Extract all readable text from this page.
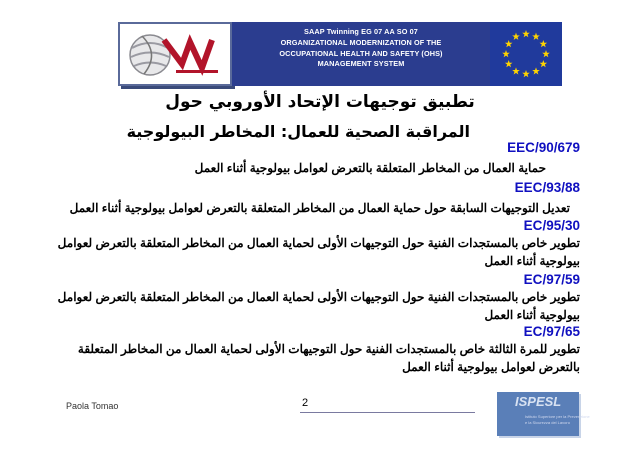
SAAP Twinning EG 07 AA SO 07
ORGANIZATIONAL MODERNIZATION OF THE
OCCUPATIONAL HEALTH AND SAFETY (OHS)
MANAGEMENT SYSTEM
تطبيق توجيهات الإتحاد الأوروبي حول
المراقبة الصحية للعمال: المخاطر البيولوجية
90/679/EEC
حماية العمال من المخاطر المتعلقة بالتعرض لعوامل بيولوجية أثناء العمل
93/88/EEC
تعديل التوجيهات السابقة حول حماية العمال من المخاطر المتعلقة بالتعرض لعوامل بيولوجية أثناء العمل
95/30/EC
تطوير خاص بالمستجدات الفنية حول التوجيهات الأولى لحماية العمال من المخاطر المتعلقة بالتعرض لعوامل
بيولوجية أثناء العمل
97/59/EC
تطوير خاص بالمستجدات الفنية حول التوجيهات الأولى لحماية العمال من المخاطر المتعلقة بالتعرض لعوامل
بيولوجية أثناء العمل
97/65/EC
تطوير للمرة الثالثة خاص بالمستجدات الفنية حول التوجيهات الأولى لحماية العمال من المخاطر المتعلقة
بالتعرض لعوامل بيولوجية أثناء العمل
Paola Tomao	2	ISPESL
Istituto Superiore per la Prevenzione
e la Sicurezza del Lavoro
